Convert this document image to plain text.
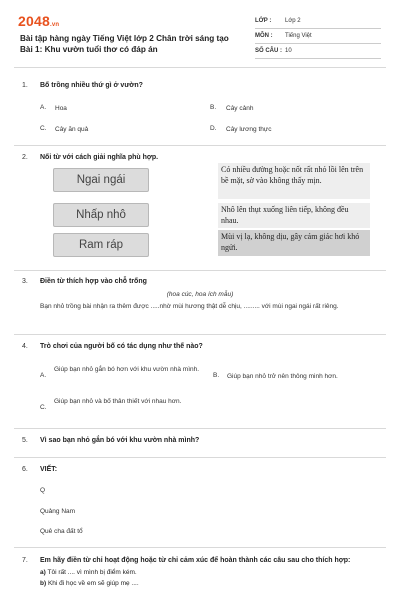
2048.vn
Bài tập hàng ngày Tiếng Việt lớp 2 Chân trời sáng tạo Bài 1: Khu vườn tuổi thơ có đáp án
LỚP : Lớp 2
MÔN : Tiếng Việt
SỐ CÂU : 10
1. Bố trồng nhiều thứ gì ở vườn?
A. Hoa	B. Cây cảnh
C. Cây ăn quả	D. Cây lương thực
2. Nối từ với cách giải nghĩa phù hợp.
Ngai ngái
Nhấp nhô
Ram ráp
Có nhiều đường hoặc nốt rất nhỏ lồi lên trên bề mặt, sờ vào không thấy mịn.
Nhô lên thụt xuống liên tiếp, không đều nhau.
Mùi vị lạ, không dịu, gây cảm giác hơi khó ngửi.
3. Điền từ thích hợp vào chỗ trống
(hoa cúc, hoa ích mẫu)
Bạn nhỏ trồng bài nhận ra thêm được .....nhờ mùi hương thật dễ chịu, ......... với mùi ngai ngái rất riêng.
4. Trò chơi của người bố có tác dụng như thế nào?
A.
Giúp bạn nhỏ gắn bó hơn với khu vườn nhà mình.
B. Giúp bạn nhỏ trở nên thông minh hơn.
C.
Giúp bạn nhỏ và bố thân thiết với nhau hơn.
5. Vì sao bạn nhỏ gắn bó với khu vườn nhà mình?
6. VIẾT:
Q
Quảng Nam
Quê cha đất tổ
7. Em hãy điền từ chỉ hoạt động hoặc từ chỉ cảm xúc để hoàn thành các câu sau cho thích hợp:
a) Tôi rất .... vì mình bị điểm kém.
b) Khi đi học về em sẽ giúp mẹ ....
